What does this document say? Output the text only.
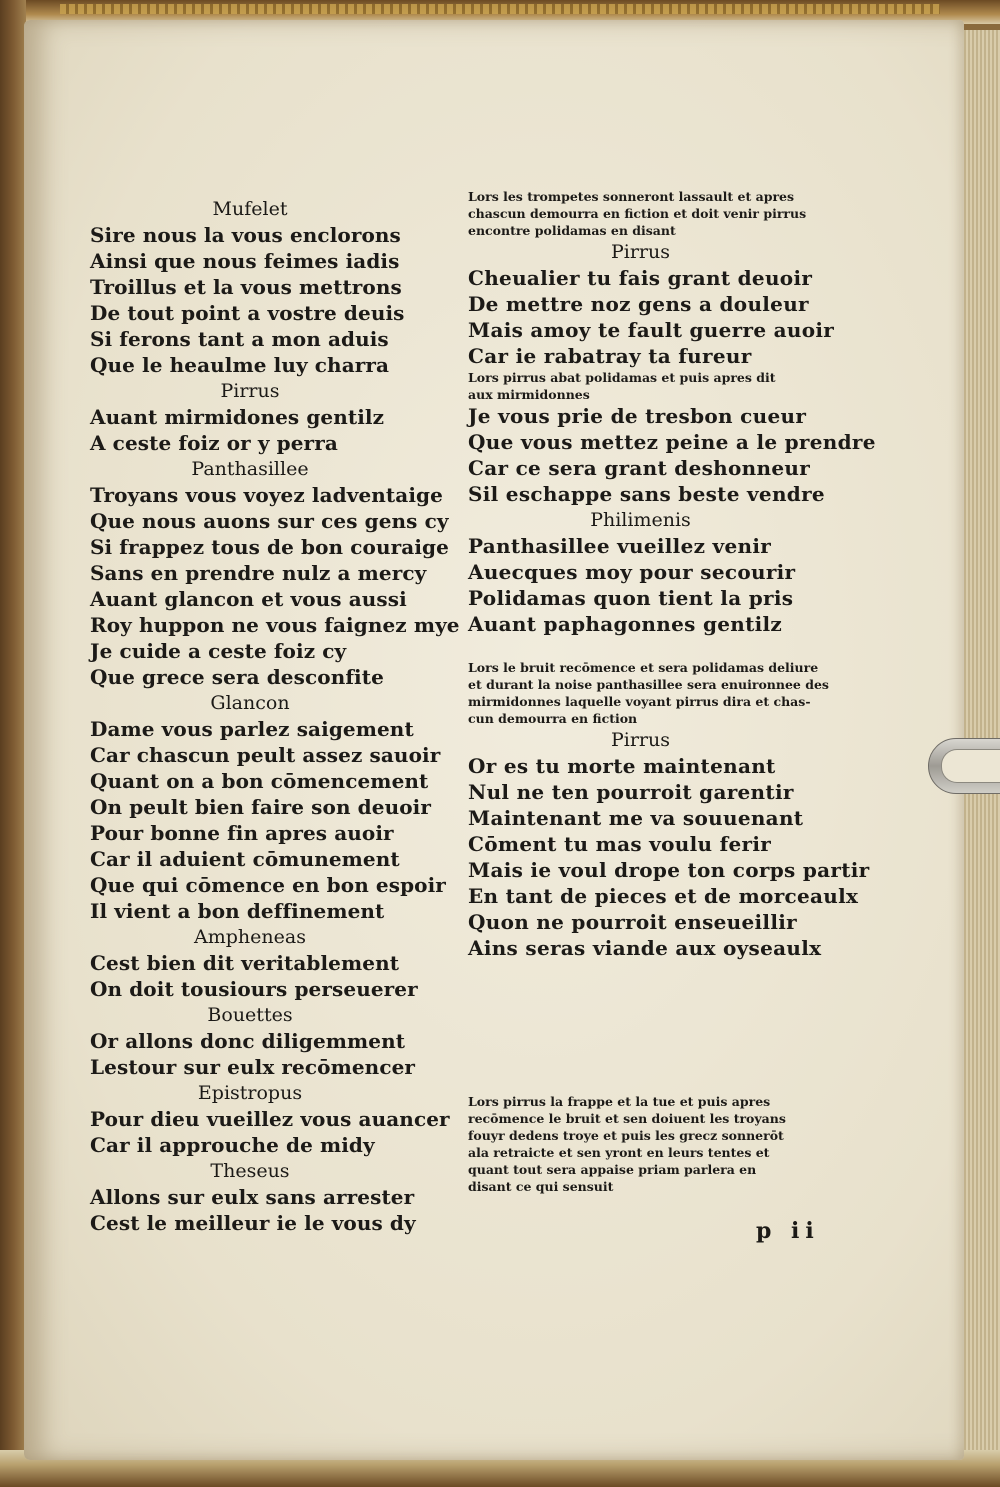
Mufelet
Sire nous la vous enclorons
Ainsi que nous feimes iadis
Troillus et la vous mettrons
De tout point a vostre deuis
Si ferons tant a mon aduis
Que le heaulme luy charra
Pirrus
Auant mirmidones gentilz
A ceste foiz or y perra
Panthasillee
Troyans vous voyez ladventaige
Que nous auons sur ces gens cy
Si frappez tous de bon couraige
Sans en prendre nulz a mercy
Auant glancon et vous aussi
Roy huppon ne vous faignez mye
Je cuide a ceste foiz cy
Que grece sera desconfite
Glancon
Dame vous parlez saigement
Car chascun peult assez sauoir
Quant on a bon cōmencement
On peult bien faire son deuoir
Pour bonne fin apres auoir
Car il aduient cōmunement
Que qui cōmence en bon espoir
Il vient a bon deffinement
Ampheneas
Cest bien dit veritablement
On doit tousiours perseuerer
Bouettes
Or allons donc diligemment
Lestour sur eulx recōmencer
Epistropus
Pour dieu vueillez vous auancer
Car il approuche de midy
Theseus
Allons sur eulx sans arrester
Cest le meilleur ie le vous dy
Lors les trompetes sonneront lassault et apres
chascun demourra en fiction et doit venir pirrus
encontre polidamas en disant
Pirrus
Cheualier tu fais grant deuoir
De mettre noz gens a douleur
Mais amoy te fault guerre auoir
Car ie rabatray ta fureur
Lors pirrus abat polidamas et puis apres dit
aux mirmidonnes
Je vous prie de tresbon cueur
Que vous mettez peine a le prendre
Car ce sera grant deshonneur
Sil eschappe sans beste vendre
Philimenis
Panthasillee vueillez venir
Auecques moy pour secourir
Polidamas quon tient la pris
Auant paphagonnes gentilz
Lors le bruit recōmence et sera polidamas deliure
et durant la noise panthasillee sera enuironnee des
mirmidonnes laquelle voyant pirrus dira et chas-
cun demourra en fiction
Pirrus
Or es tu morte maintenant
Nul ne ten pourroit garentir
Maintenant me va souuenant
Cōment tu mas voulu ferir
Mais ie voul drope ton corps partir
En tant de pieces et de morceaulx
Quon ne pourroit enseueillir
Ains seras viande aux oyseaulx
Lors pirrus la frappe et la tue et puis apres
recōmence le bruit et sen doiuent les troyans
fouyr dedens troye et puis les grecz sonnerōt
ala retraicte et sen yront en leurs tentes et
quant tout sera appaise priam parlera en
disant ce qui sensuit
p ii
